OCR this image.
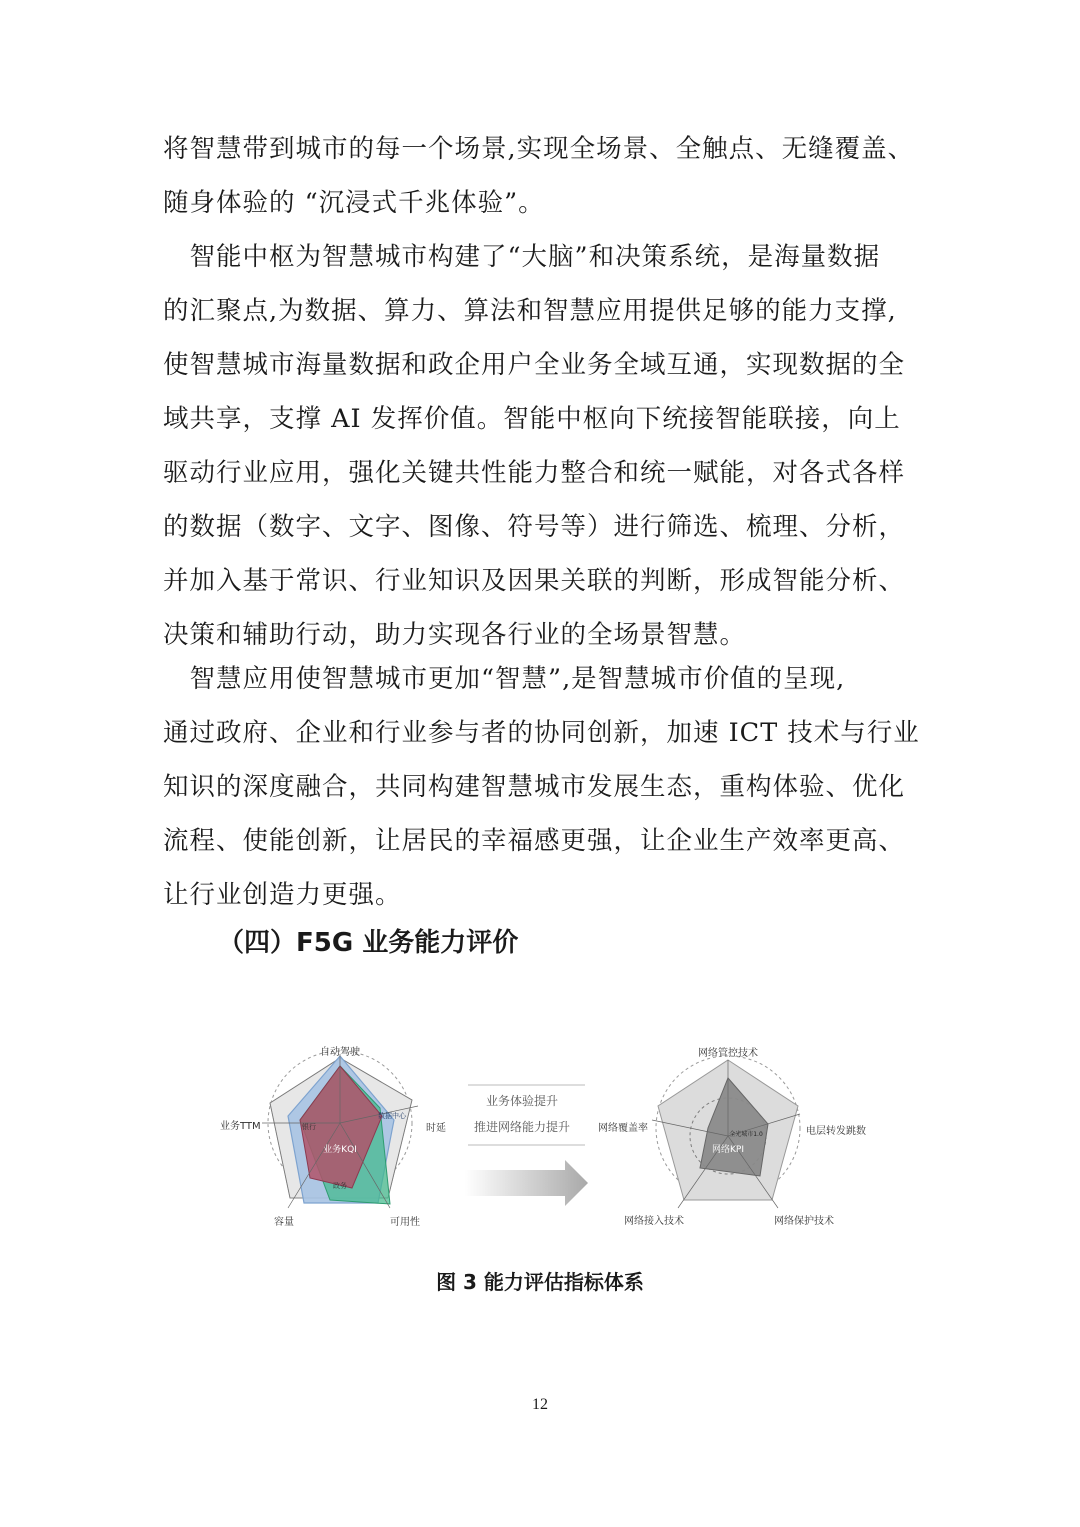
将智慧带到城市的每一个场景,实现全场景、全触点、无缝覆盖、
随身体验的 “沉浸式千兆体验”。
　智能中枢为智慧城市构建了“大脑”和决策系统，是海量数据
的汇聚点,为数据、算力、算法和智慧应用提供足够的能力支撑,
使智慧城市海量数据和政企用户全业务全域互通，实现数据的全
域共享，支撑 AI 发挥价值。智能中枢向下统接智能联接，向上
驱动行业应用，强化关键共性能力整合和统一赋能，对各式各样
的数据（数字、文字、图像、符号等）进行筛选、梳理、分析，
并加入基于常识、行业知识及因果关联的判断，形成智能分析、
决策和辅助行动，助力实现各行业的全场景智慧。
　智慧应用使智慧城市更加“智慧”,是智慧城市价值的呈现,
通过政府、企业和行业参与者的协同创新，加速 ICT 技术与行业
知识的深度融合，共同构建智慧城市发展生态，重构体验、优化
流程、使能创新，让居民的幸福感更强，让企业生产效率更高、
让行业创造力更强。
（四）F5G 业务能力评价
自动驾驶
时延
可用性
容量
业务TTM
业务KQI
数据中心
银行
政务
业务体验提升
推进网络能力提升
网络管控技术
电层转发跳数
网络保护技术
网络接入技术
网络覆盖率
全光城市1.0
网络KPI
图 3 能力评估指标体系
12
